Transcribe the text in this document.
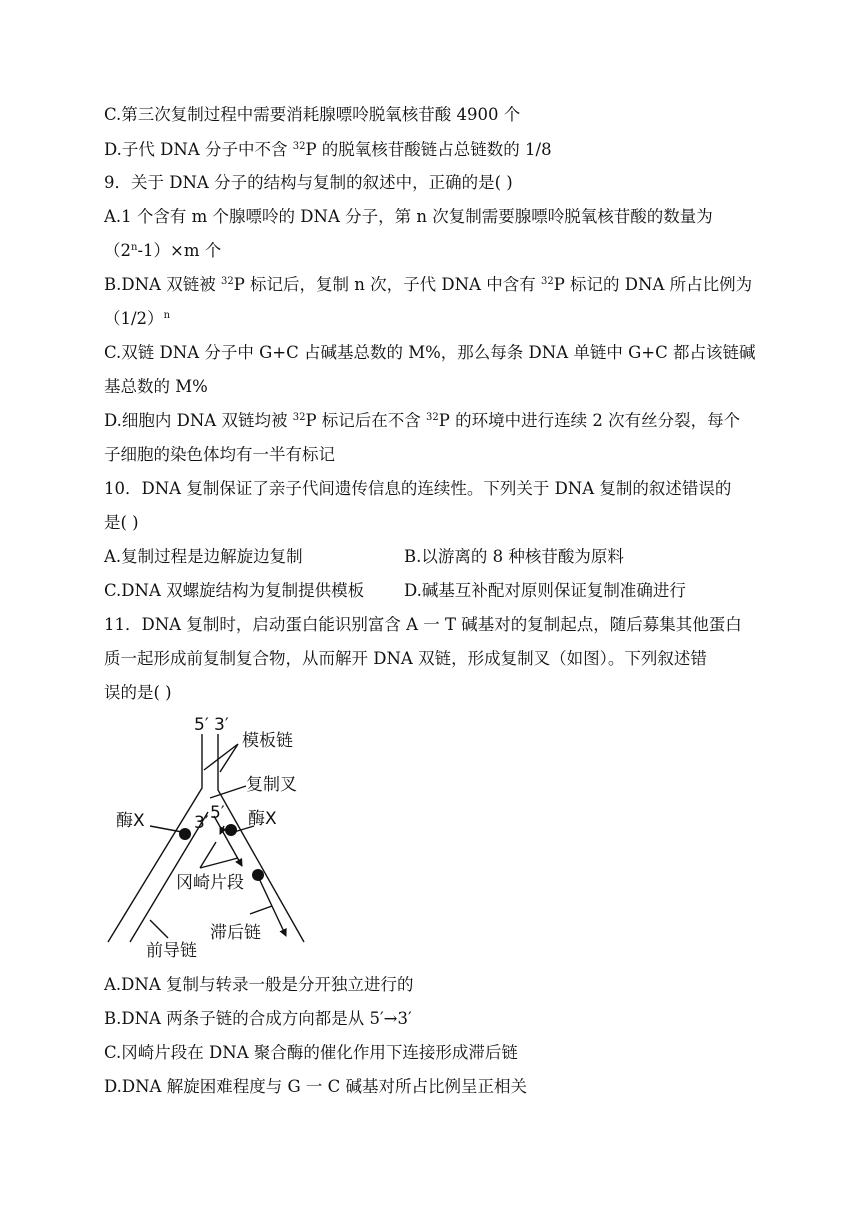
C.第三次复制过程中需要消耗腺嘌呤脱氧核苷酸 4900 个
D.子代 DNA 分子中不含 $^{32}$P 的脱氧核苷酸链占总链数的 1/8
9．关于 DNA 分子的结构与复制的叙述中，正确的是( )
A.1 个含有 m 个腺嘌呤的 DNA 分子，第 n 次复制需要腺嘌呤脱氧核苷酸的数量为
$(2^n-1)\times m$ 个
B.DNA 双链被 $^{32}$P 标记后，复制 n 次，子代 DNA 中含有 $^{32}$P 标记的 DNA 所占比例为
$(1/2)^n$
C.双链 DNA 分子中 G+C 占碱基总数的 M%，那么每条 DNA 单链中 G+C 都占该链碱
基总数的 M%
D.细胞内 DNA 双链均被 $^{32}$P 标记后在不含 $^{32}$P 的环境中进行连续 2 次有丝分裂，每个
子细胞的染色体均有一半有标记
10．DNA 复制保证了亲子代间遗传信息的连续性。下列关于 DNA 复制的叙述错误的
是( )
A.复制过程是边解旋边复制	B.以游离的 8 种核苷酸为原料
C.DNA 双螺旋结构为复制提供模板 D.碱基互补配对原则保证复制准确进行
11．DNA 复制时，启动蛋白能识别富含 A 一 T 碱基对的复制起点，随后募集其他蛋白
质一起形成前复制复合物，从而解开 DNA 双链，形成复制叉（如图）。下列叙述错
误的是( )
5′ 3′
模板链
复制叉
酶X	3′ 5′ 酶X
冈崎片段
滞后链
前导链
A.DNA 复制与转录一般是分开独立进行的
B.DNA 两条子链的合成方向都是从 5′→3′
C.冈崎片段在 DNA 聚合酶的催化作用下连接形成滞后链
D.DNA 解旋困难程度与 G 一 C 碱基对所占比例呈正相关
